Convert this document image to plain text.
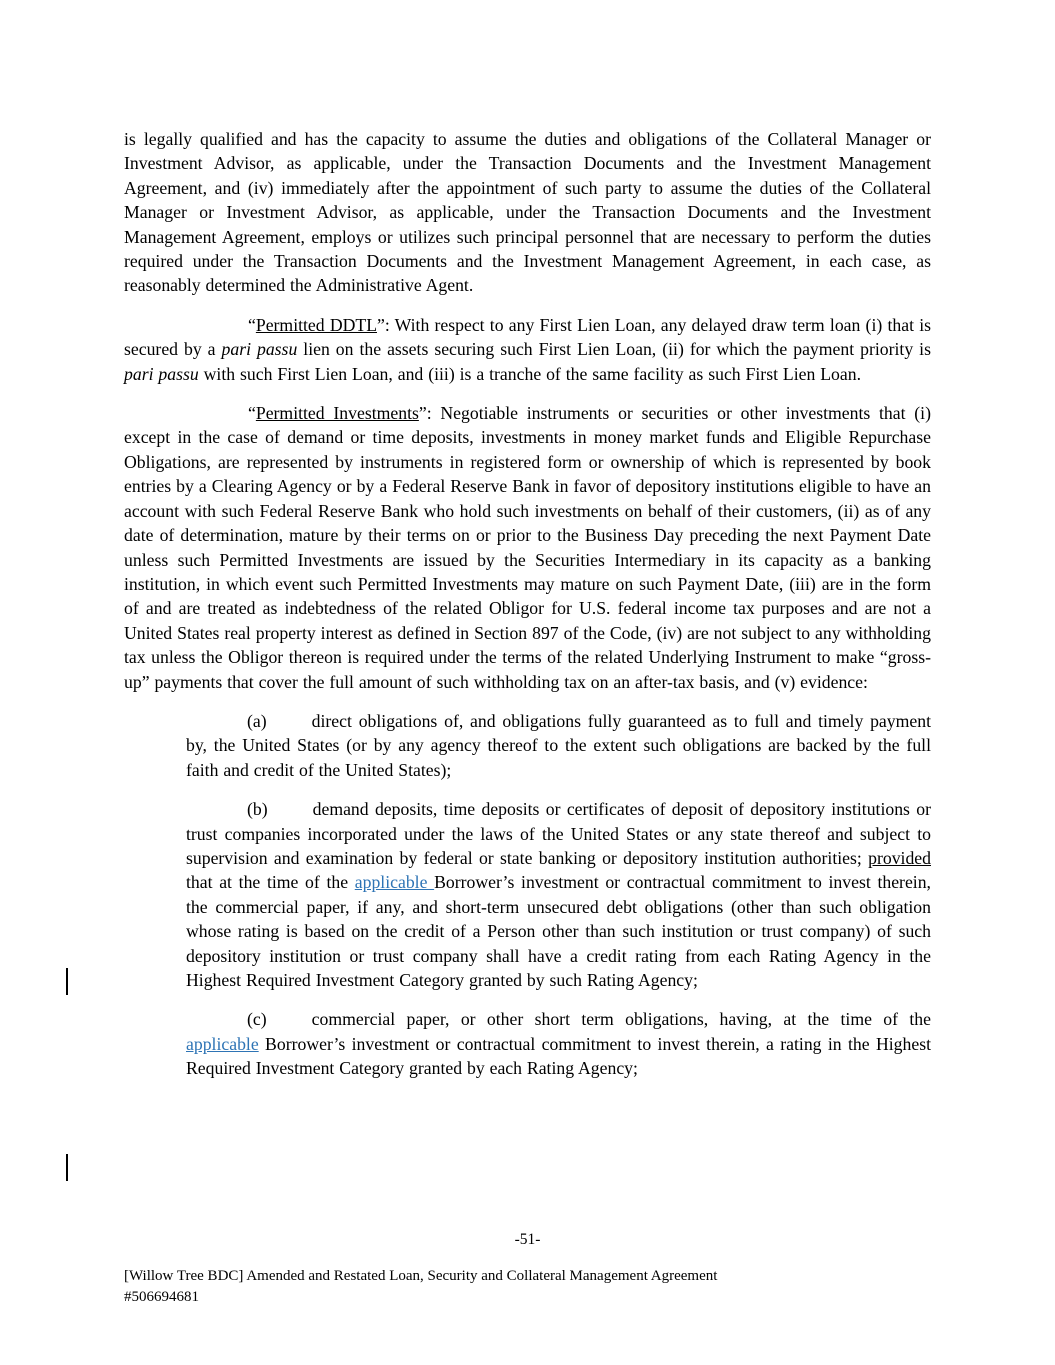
is legally qualified and has the capacity to assume the duties and obligations of the Collateral Manager or Investment Advisor, as applicable, under the Transaction Documents and the Investment Management Agreement, and (iv) immediately after the appointment of such party to assume the duties of the Collateral Manager or Investment Advisor, as applicable, under the Transaction Documents and the Investment Management Agreement, employs or utilizes such principal personnel that are necessary to perform the duties required under the Transaction Documents and the Investment Management Agreement, in each case, as reasonably determined the Administrative Agent.
“Permitted DDTL”: With respect to any First Lien Loan, any delayed draw term loan (i) that is secured by a pari passu lien on the assets securing such First Lien Loan, (ii) for which the payment priority is pari passu with such First Lien Loan, and (iii) is a tranche of the same facility as such First Lien Loan.
“Permitted Investments”: Negotiable instruments or securities or other investments that (i) except in the case of demand or time deposits, investments in money market funds and Eligible Repurchase Obligations, are represented by instruments in registered form or ownership of which is represented by book entries by a Clearing Agency or by a Federal Reserve Bank in favor of depository institutions eligible to have an account with such Federal Reserve Bank who hold such investments on behalf of their customers, (ii) as of any date of determination, mature by their terms on or prior to the Business Day preceding the next Payment Date unless such Permitted Investments are issued by the Securities Intermediary in its capacity as a banking institution, in which event such Permitted Investments may mature on such Payment Date, (iii) are in the form of and are treated as indebtedness of the related Obligor for U.S. federal income tax purposes and are not a United States real property interest as defined in Section 897 of the Code, (iv) are not subject to any withholding tax unless the Obligor thereon is required under the terms of the related Underlying Instrument to make “gross-up” payments that cover the full amount of such withholding tax on an after-tax basis, and (v) evidence:
(a)	direct obligations of, and obligations fully guaranteed as to full and timely payment by, the United States (or by any agency thereof to the extent such obligations are backed by the full faith and credit of the United States);
(b)	demand deposits, time deposits or certificates of deposit of depository institutions or trust companies incorporated under the laws of the United States or any state thereof and subject to supervision and examination by federal or state banking or depository institution authorities; provided that at the time of the applicable Borrower’s investment or contractual commitment to invest therein, the commercial paper, if any, and short-term unsecured debt obligations (other than such obligation whose rating is based on the credit of a Person other than such institution or trust company) of such depository institution or trust company shall have a credit rating from each Rating Agency in the Highest Required Investment Category granted by such Rating Agency;
(c)	commercial paper, or other short term obligations, having, at the time of the applicable Borrower’s investment or contractual commitment to invest therein, a rating in the Highest Required Investment Category granted by each Rating Agency;
-51-
[Willow Tree BDC] Amended and Restated Loan, Security and Collateral Management Agreement
#506694681
